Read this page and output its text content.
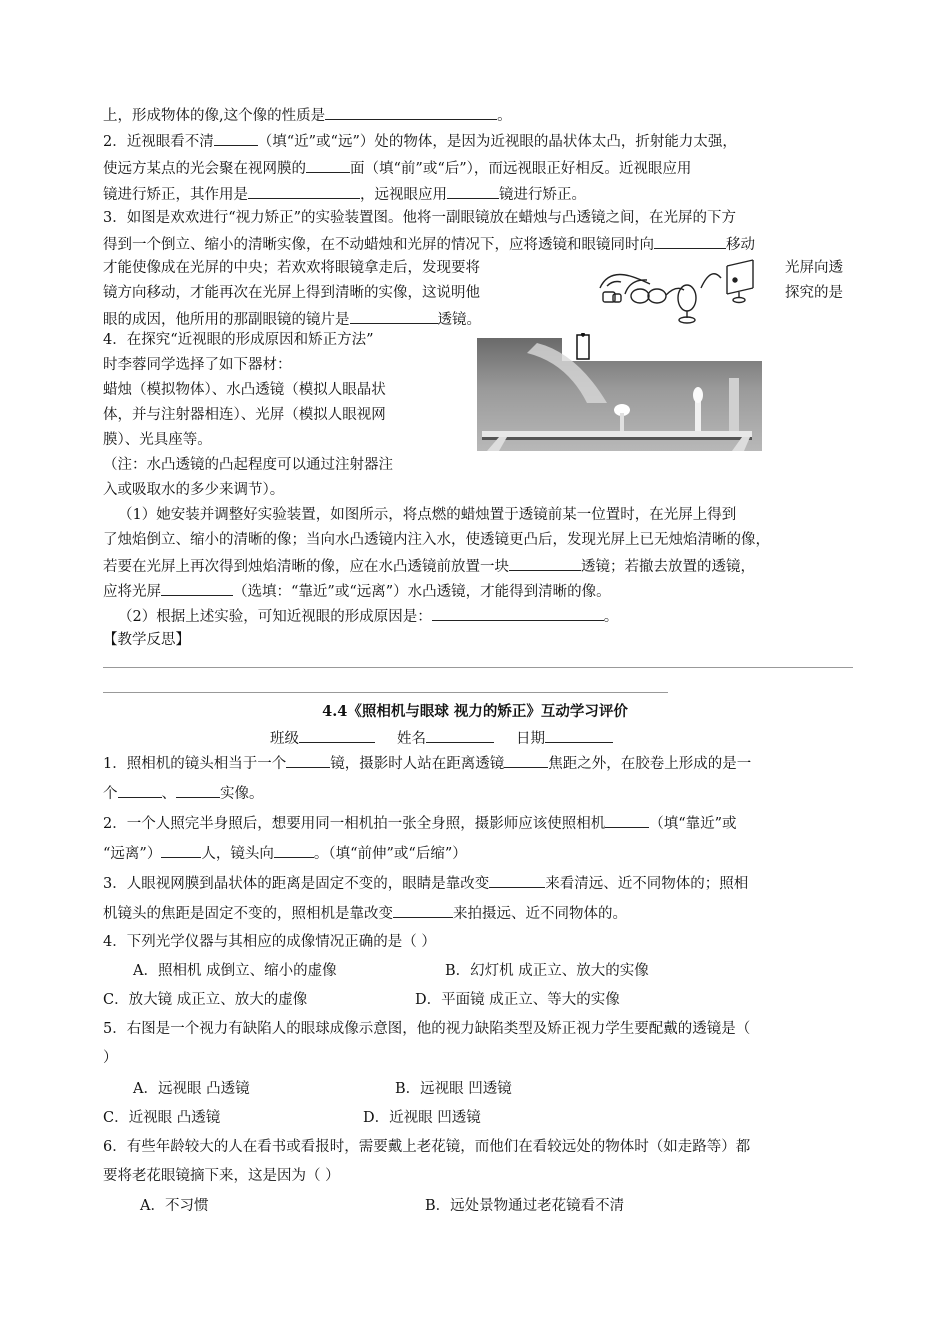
上，形成物体的像,这个像的性质是	。
2．近视眼看不清	（填“近”或“远”）处的物体，是因为近视眼的晶状体太凸，折射能力太强，
使远方某点的光会聚在视网膜的	面（填“前”或“后”），而远视眼正好相反。近视眼应用
镜进行矫正，其作用是	，远视眼应用	镜进行矫正。
3．如图是欢欢进行“视力矫正”的实验装置图。他将一副眼镜放在蜡烛与凸透镜之间，在光屏的下方
得到一个倒立、缩小的清晰实像，在不动蜡烛和光屏的情况下，应将透镜和眼镜同时向	移动
才能使像成在光屏的中央；若欢欢将眼镜拿走后，发现要将	光屏向透
镜方向移动，才能再次在光屏上得到清晰的实像，这说明他	探究的是
眼的成因，他所用的那副眼镜的镜片是	透镜。
4．在探究“近视眼的形成原因和矫正方法”
时李蓉同学选择了如下器材：
蜡烛（模拟物体）、水凸透镜（模拟人眼晶状
体，并与注射器相连）、光屏（模拟人眼视网
膜）、光具座等。
（注：水凸透镜的凸起程度可以通过注射器注
入或吸取水的多少来调节）。
（1）她安装并调整好实验装置，如图所示，将点燃的蜡烛置于透镜前某一位置时，在光屏上得到
了烛焰倒立、缩小的清晰的像；当向水凸透镜内注入水，使透镜更凸后，发现光屏上已无烛焰清晰的像，
若要在光屏上再次得到烛焰清晰的像，应在水凸透镜前放置一块	透镜；若撤去放置的透镜，
应将光屏	（选填：“靠近”或“远离”）水凸透镜，才能得到清晰的像。
（2）根据上述实验，可知近视眼的形成原因是：	。
【教学反思】
4.4《照相机与眼球 视力的矫正》互动学习评价
班级	姓名	日期
1．照相机的镜头相当于一个	镜，摄影时人站在距离透镜	焦距之外，在胶卷上形成的是一
个	、	实像。
2．一个人照完半身照后，想要用同一相机拍一张全身照，摄影师应该使照相机	（填“靠近”或
“远离”）	人，镜头向	。（填“前伸”或“后缩”）
3．人眼视网膜到晶状体的距离是固定不变的，眼睛是靠改变	来看清远、近不同物体的；照相
机镜头的焦距是固定不变的，照相机是靠改变	来拍摄远、近不同物体的。
4．下列光学仪器与其相应的成像情况正确的是（ ）
A．照相机 成倒立、缩小的虚像	B．幻灯机 成正立、放大的实像
C．放大镜 成正立、放大的虚像	D．平面镜 成正立、等大的实像
5．右图是一个视力有缺陷人的眼球成像示意图，他的视力缺陷类型及矫正视力学生要配戴的透镜是（
）
A．远视眼 凸透镜	B．远视眼 凹透镜
C．近视眼 凸透镜	D．近视眼 凹透镜
6．有些年龄较大的人在看书或看报时，需要戴上老花镜，而他们在看较远处的物体时（如走路等）都
要将老花眼镜摘下来，这是因为（ ）
A．不习惯	B．远处景物通过老花镜看不清
